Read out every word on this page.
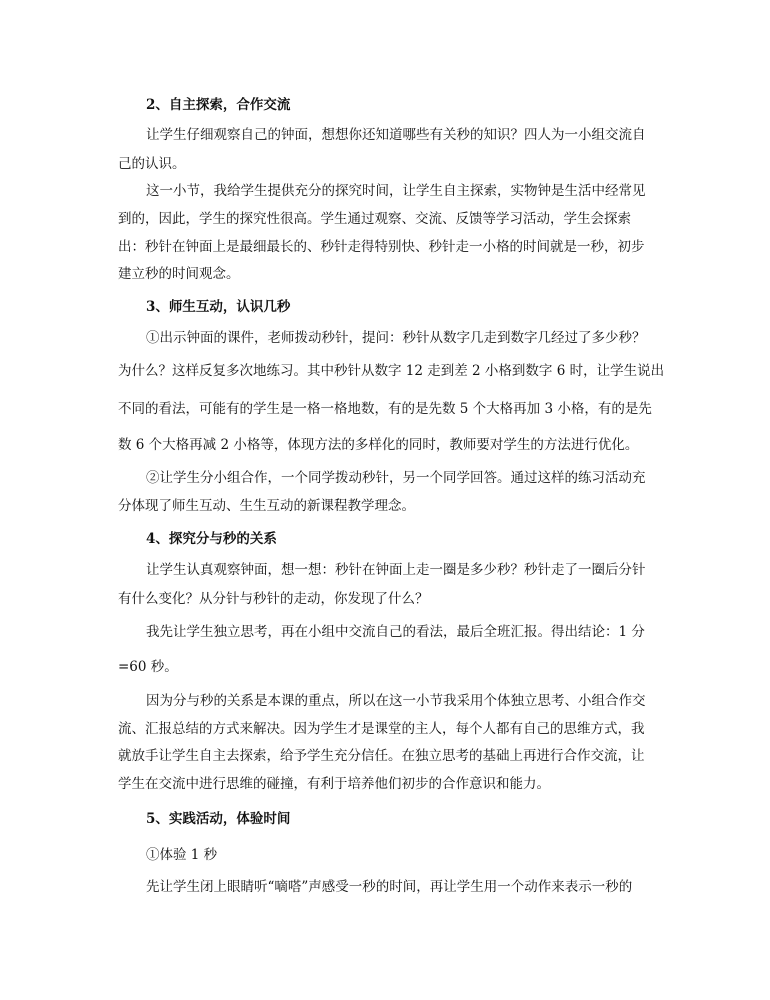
2、自主探索，合作交流
让学生仔细观察自己的钟面，想想你还知道哪些有关秒的知识？四人为一小组交流自
己的认识。
这一小节，我给学生提供充分的探究时间，让学生自主探索，实物钟是生活中经常见
到的，因此，学生的探究性很高。学生通过观察、交流、反馈等学习活动，学生会探索
出：秒针在钟面上是最细最长的、秒针走得特别快、秒针走一小格的时间就是一秒，初步
建立秒的时间观念。
3、师生互动，认识几秒
①出示钟面的课件，老师拨动秒针，提问：秒针从数字几走到数字几经过了多少秒？
为什么？这样反复多次地练习。其中秒针从数字 12 走到差 2 小格到数字 6 时，让学生说出
不同的看法，可能有的学生是一格一格地数，有的是先数 5 个大格再加 3 小格，有的是先
数 6 个大格再减 2 小格等，体现方法的多样化的同时，教师要对学生的方法进行优化。
②让学生分小组合作，一个同学拨动秒针，另一个同学回答。通过这样的练习活动充
分体现了师生互动、生生互动的新课程教学理念。
4、探究分与秒的关系
让学生认真观察钟面，想一想：秒针在钟面上走一圈是多少秒？秒针走了一圈后分针
有什么变化？从分针与秒针的走动，你发现了什么？
我先让学生独立思考，再在小组中交流自己的看法，最后全班汇报。得出结论：1 分
=60 秒。
因为分与秒的关系是本课的重点，所以在这一小节我采用个体独立思考、小组合作交
流、汇报总结的方式来解决。因为学生才是课堂的主人，每个人都有自己的思维方式，我
就放手让学生自主去探索，给予学生充分信任。在独立思考的基础上再进行合作交流，让
学生在交流中进行思维的碰撞，有利于培养他们初步的合作意识和能力。
5、实践活动，体验时间
①体验 1 秒
先让学生闭上眼睛听“嘀嗒”声感受一秒的时间，再让学生用一个动作来表示一秒的
